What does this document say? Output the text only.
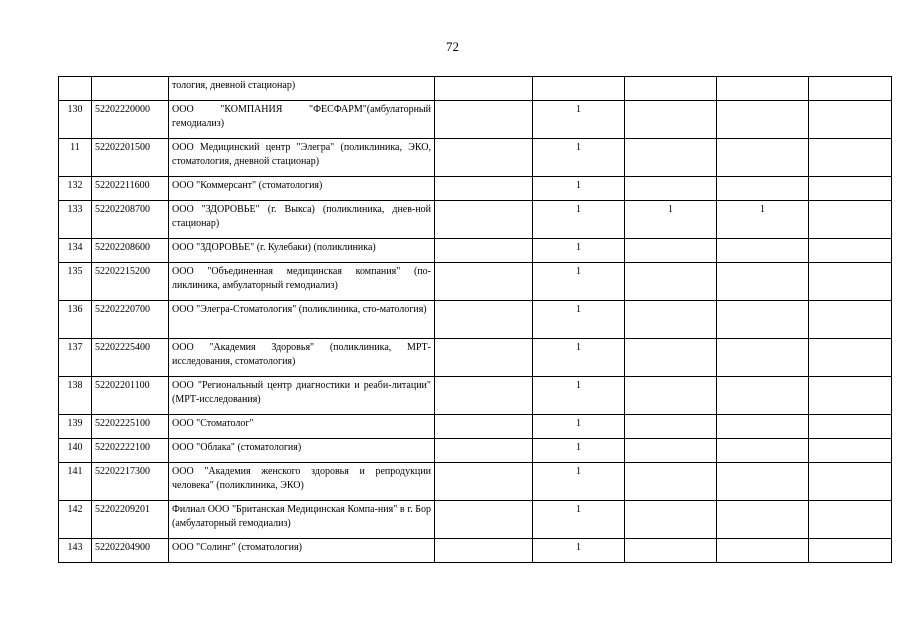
72
		тология, дневной стационар)					
130	52202220000	ООО "КОМПАНИЯ "ФЕСФАРМ"(амбулаторный гемодиализ)		1			
11	52202201500	ООО Медицинский центр "Элегра" (поликлиника, ЭКО, стоматология, дневной стационар)		1			
132	52202211600	ООО "Коммерсант" (стоматология)		1			
133	52202208700	ООО "ЗДОРОВЬЕ" (г. Выкса) (поликлиника, днев-ной стационар)		1	1	1	
134	52202208600	ООО "ЗДОРОВЬЕ" (г. Кулебаки) (поликлиника)		1			
135	52202215200	ООО "Объединенная медицинская компания" (по-ликлиника, амбулаторный гемодиализ)		1			
136	52202220700	ООО "Элегра-Стоматология" (поликлиника, сто-матология)		1			
137	52202225400	ООО "Академия Здоровья" (поликлиника, МРТ-исследования, стоматология)		1			
138	52202201100	ООО "Региональный центр диагностики и реаби-литации" (МРТ-исследования)		1			
139	52202225100	ООО "Стоматолог"		1			
140	52202222100	ООО "Облака" (стоматология)		1			
141	52202217300	ООО "Академия женского здоровья и репродукции человека" (поликлиника, ЭКО)		1			
142	52202209201	Филиал ООО "Британская Медицинская Компа-ния" в г. Бор (амбулаторный гемодиализ)		1			
143	52202204900	ООО "Солинг" (стоматология)		1			
